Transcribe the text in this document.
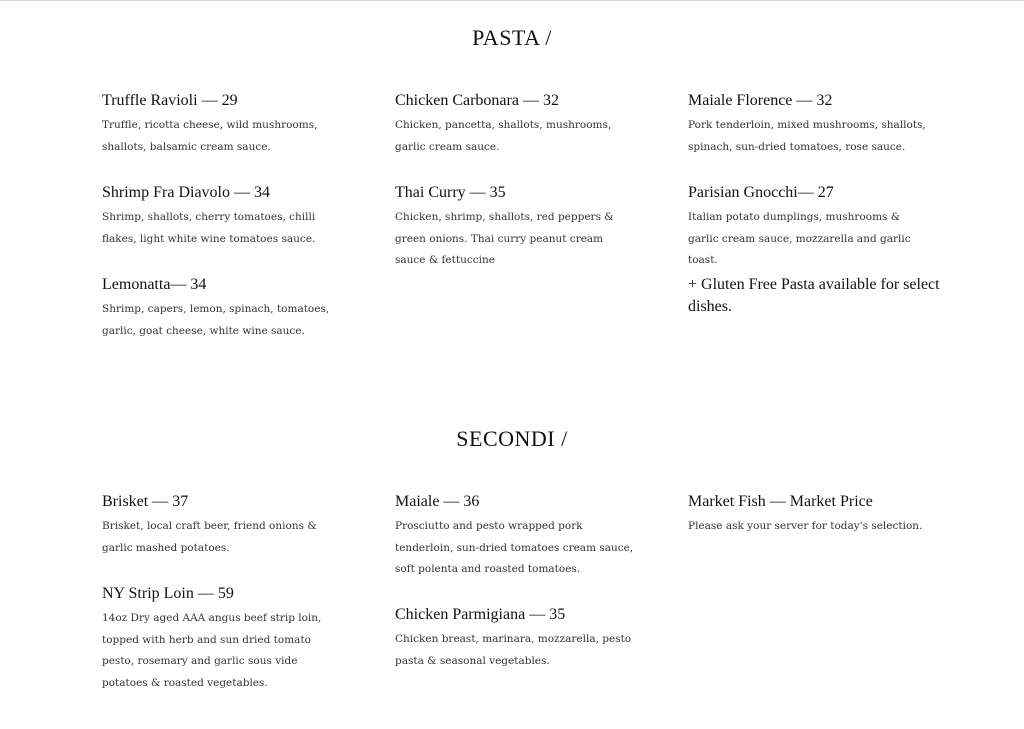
PASTA /
Truffle Ravioli — 29
Truffle, ricotta cheese, wild mushrooms, shallots, balsamic cream sauce.
Shrimp Fra Diavolo — 34
Shrimp, shallots, cherry tomatoes, chilli flakes, light white wine tomatoes sauce.
Lemonatta— 34
Shrimp, capers, lemon, spinach, tomatoes, garlic, goat cheese, white wine sauce.
Chicken Carbonara — 32
Chicken, pancetta, shallots, mushrooms, garlic cream sauce.
Thai Curry — 35
Chicken, shrimp, shallots, red peppers & green onions. Thai curry peanut cream sauce & fettuccine
Maiale Florence — 32
Pork tenderloin, mixed mushrooms, shallots, spinach, sun-dried tomatoes, rose sauce.
Parisian Gnocchi— 27
Italian potato dumplings, mushrooms & garlic cream sauce, mozzarella and garlic toast.
+ Gluten Free Pasta available for select dishes.
SECONDI /
Brisket — 37
Brisket, local craft beer, friend onions & garlic mashed potatoes.
NY Strip Loin — 59
14oz Dry aged AAA angus beef strip loin, topped with herb and sun dried tomato pesto, rosemary and garlic sous vide potatoes & roasted vegetables.
Maiale — 36
Prosciutto and pesto wrapped pork tenderloin, sun-dried tomatoes cream sauce, soft polenta and roasted tomatoes.
Chicken Parmigiana — 35
Chicken breast, marinara, mozzarella, pesto pasta & seasonal vegetables.
Market Fish — Market Price
Please ask your server for today's selection.
